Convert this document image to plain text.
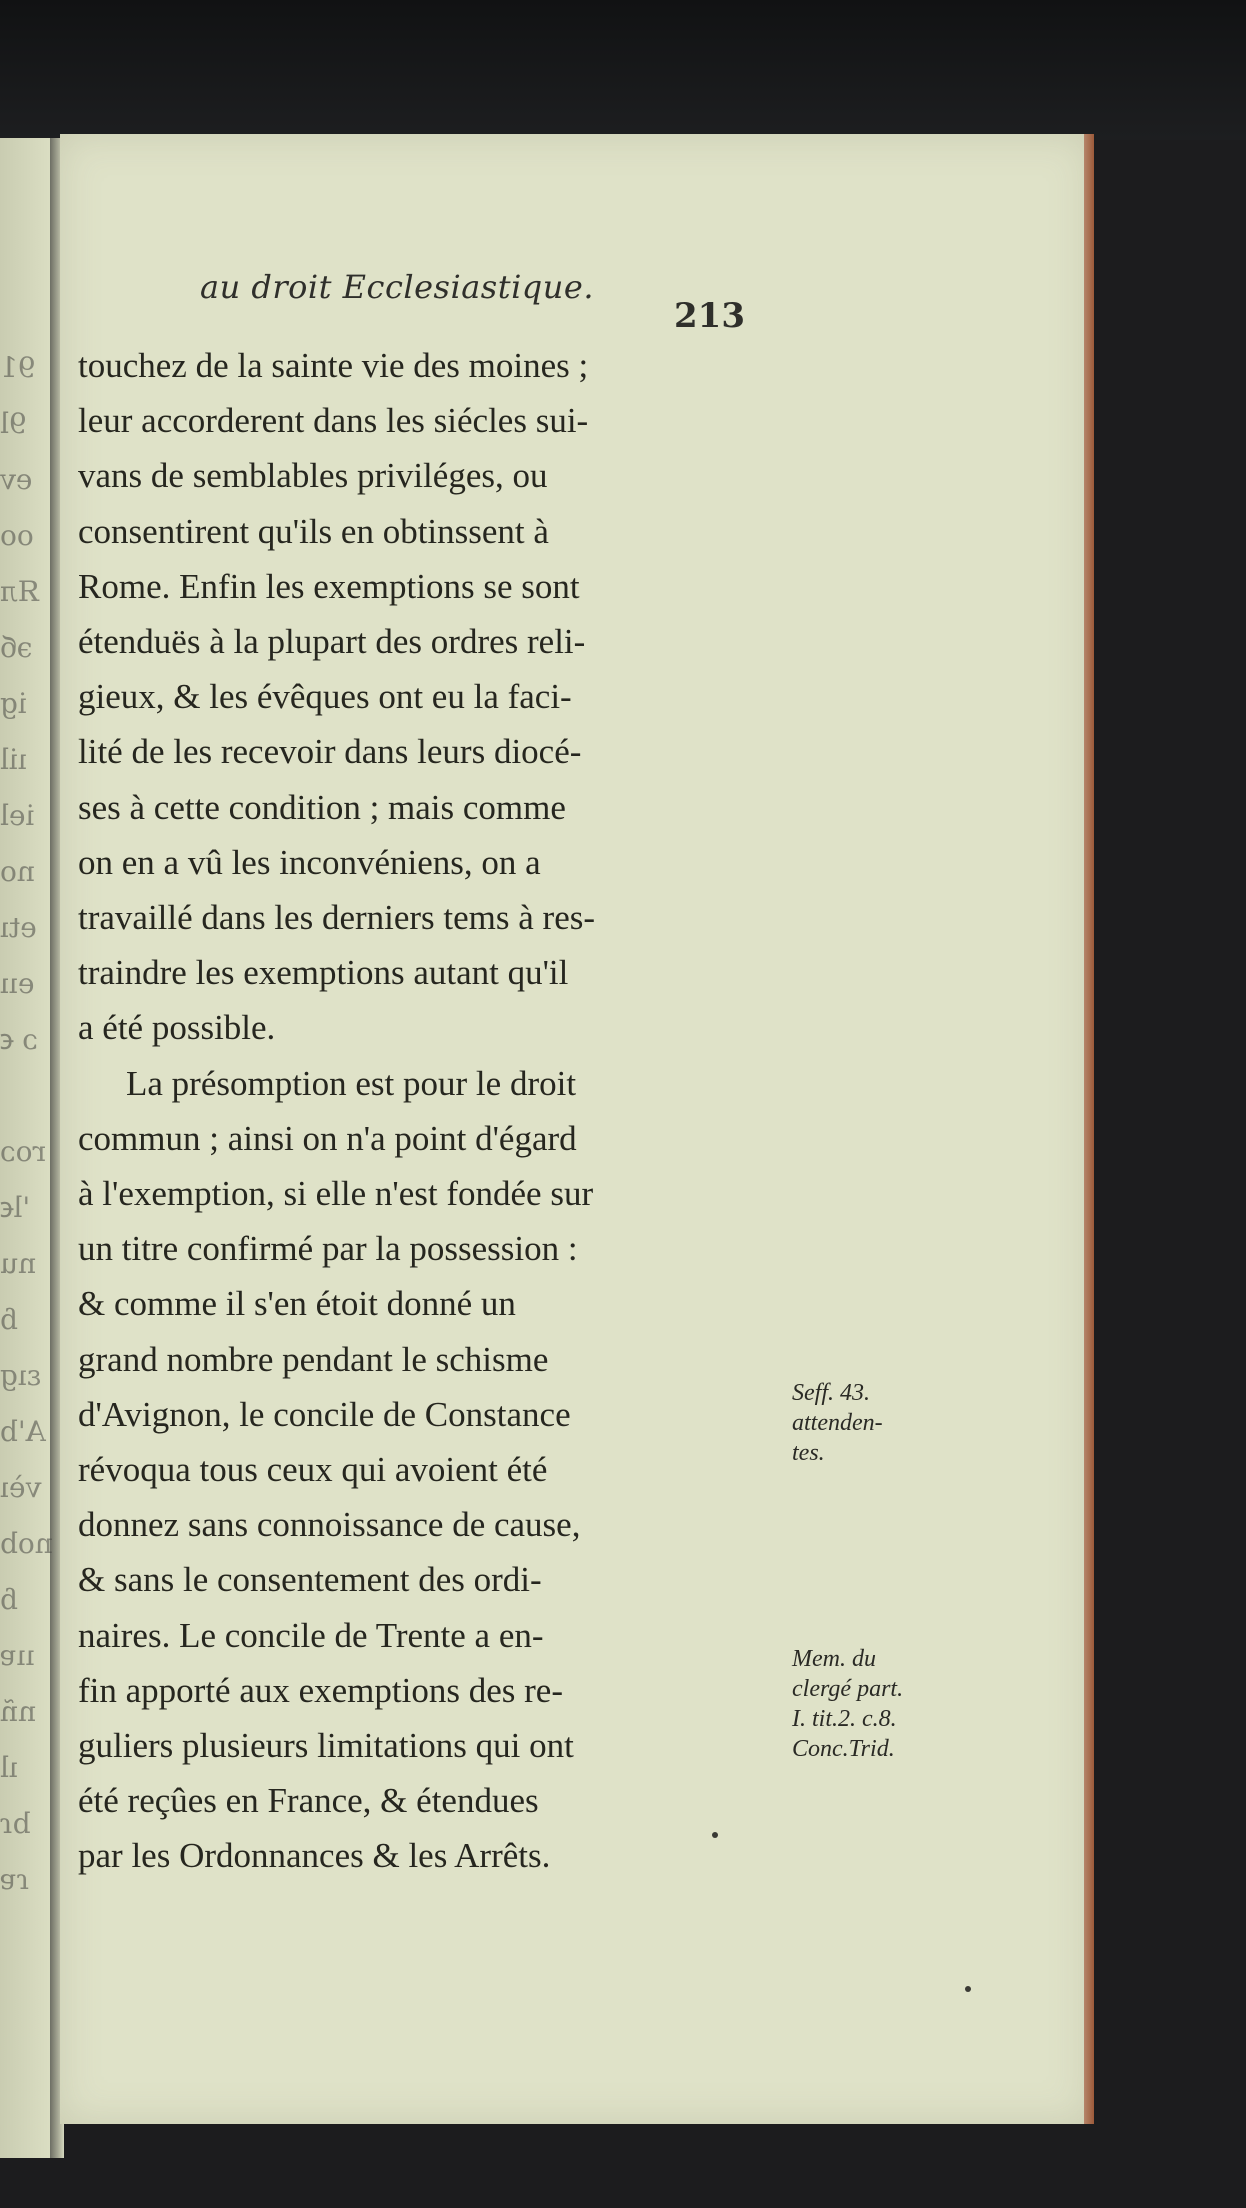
91
9l
ev
oo
Ял
эб
ig
ıil
iel
no
etı
eıı
ɔ ꞓ

roɔ
'lꞓ
nu
ɓ
ɛıɡ
A'b
vèı
nob
ɓ
ııɐ
nñ
ıl
bɾ
ɾɐ
au droit Ecclesiastique.
213
touchez de la sainte vie des moines ;
leur accorderent dans les siécles sui-
vans de semblables priviléges, ou
consentirent qu'ils en obtinssent à
Rome. Enfin les exemptions se sont
étenduës à la plupart des ordres reli-
gieux, & les évêques ont eu la faci-
lité de les recevoir dans leurs diocé-
ses à cette condition ; mais comme
on en a vû les inconvéniens, on a
travaillé dans les derniers tems à res-
traindre les exemptions autant qu'il
a été possible.
La présomption est pour le droit
commun ; ainsi on n'a point d'égard
à l'exemption, si elle n'est fondée sur
un titre confirmé par la possession :
& comme il s'en étoit donné un
grand nombre pendant le schisme
d'Avignon, le concile de Constance
révoqua tous ceux qui avoient été
donnez sans connoissance de cause,
& sans le consentement des ordi-
naires. Le concile de Trente a en-
fin apporté aux exemptions des re-
guliers plusieurs limitations qui ont
été reçûes en France, & étendues
par les Ordonnances & les Arrêts.
Seff. 43.
attenden-
tes.
Mem. du
clergé part.
I. tit.2. c.8.
Conc.Trid.
